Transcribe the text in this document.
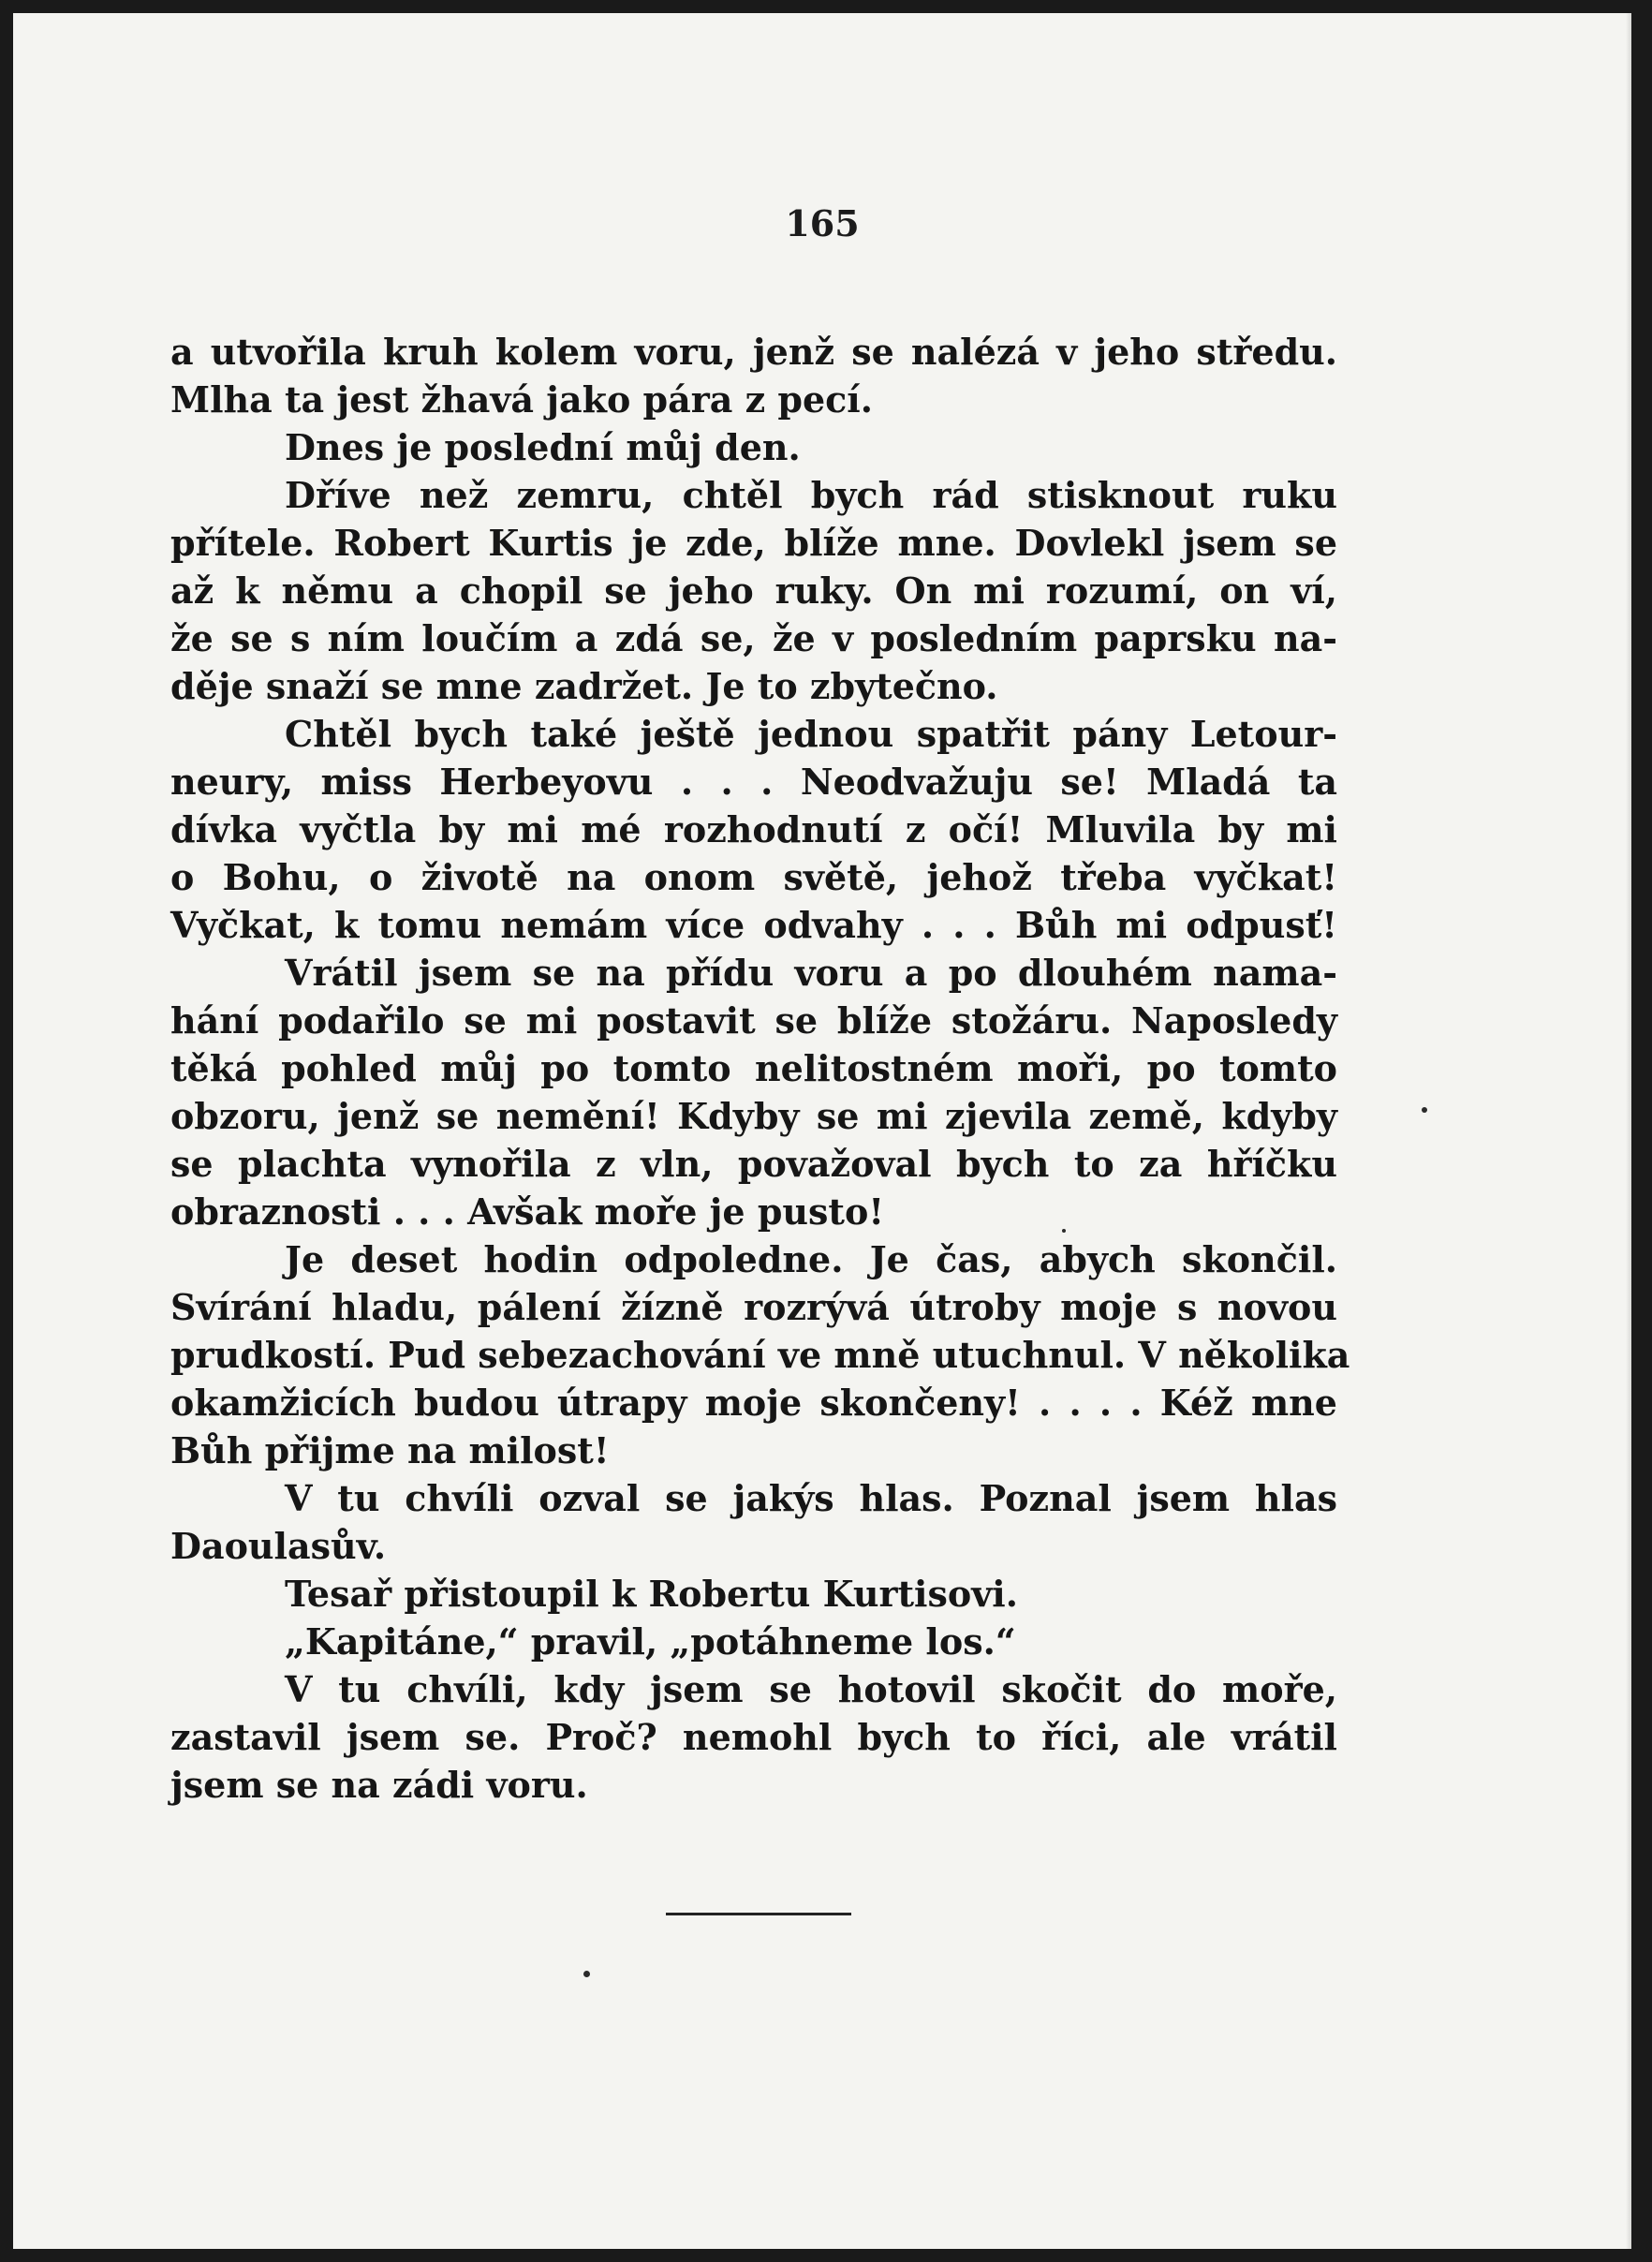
165
a utvořila kruh kolem voru, jenž se nalézá v jeho středu.
Mlha ta jest žhavá jako pára z pecí.
Dnes je poslední můj den.
Dříve než zemru, chtěl bych rád stisknout ruku
přítele. Robert Kurtis je zde, blíže mne. Dovlekl jsem se
až k němu a chopil se jeho ruky. On mi rozumí, on ví,
že se s ním loučím a zdá se, že v posledním paprsku na-
děje snaží se mne zadržet. Je to zbytečno.
Chtěl bych také ještě jednou spatřit pány Letour-
neury, miss Herbeyovu . . . Neodvažuju se! Mladá ta
dívka vyčtla by mi mé rozhodnutí z očí! Mluvila by mi
o Bohu, o životě na onom světě, jehož třeba vyčkat!
Vyčkat, k tomu nemám více odvahy . . . Bůh mi odpusť!
Vrátil jsem se na přídu voru a po dlouhém nama-
hání podařilo se mi postavit se blíže stožáru. Naposledy
těká pohled můj po tomto nelitostném moři, po tomto
obzoru, jenž se nemění! Kdyby se mi zjevila země, kdyby
se plachta vynořila z vln, považoval bych to za hříčku
obraznosti . . . Avšak moře je pusto!
Je deset hodin odpoledne. Je čas, abych skončil.
Svírání hladu, pálení žízně rozrývá útroby moje s novou
prudkostí. Pud sebezachování ve mně utuchnul. V několika
okamžicích budou útrapy moje skončeny! . . . . Kéž mne
Bůh přijme na milost!
V tu chvíli ozval se jakýs hlas. Poznal jsem hlas
Daoulasův.
Tesař přistoupil k Robertu Kurtisovi.
„Kapitáne,“ pravil, „potáhneme los.“
V tu chvíli, kdy jsem se hotovil skočit do moře,
zastavil jsem se. Proč? nemohl bych to říci, ale vrátil
jsem se na zádi voru.
